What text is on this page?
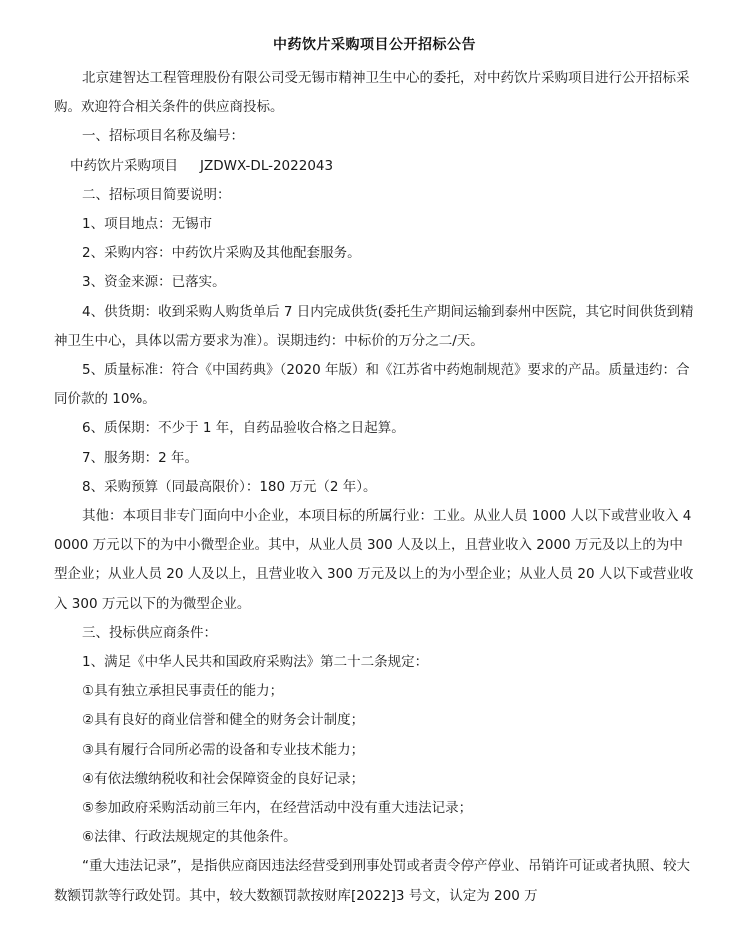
中药饮片采购项目公开招标公告

北京建智达工程管理股份有限公司受无锡市精神卫生中心的委托，对中药饮片采购项目进行公开招标采购。欢迎符合相关条件的供应商投标。

一、招标项目名称及编号：

中药饮片采购项目 JZDWX-DL-2022043

二、招标项目简要说明：

1、项目地点：无锡市

2、采购内容：中药饮片采购及其他配套服务。

3、资金来源：已落实。

4、供货期：收到采购人购货单后 7 日内完成供货(委托生产期间运输到泰州中医院，其它时间供货到精神卫生中心，具体以需方要求为准）。误期违约：中标价的万分之二/天。

5、质量标准：符合《中国药典》（2020 年版）和《江苏省中药炮制规范》要求的产品。质量违约：合同价款的 10%。

6、质保期：不少于 1 年，自药品验收合格之日起算。

7、服务期：2 年。

8、采购预算（同最高限价）：180 万元（2 年）。

其他：本项目非专门面向中小企业，本项目标的所属行业：工业。从业人员 1000 人以下或营业收入 40000 万元以下的为中小微型企业。其中，从业人员 300 人及以上，且营业收入 2000 万元及以上的为中型企业；从业人员 20 人及以上，且营业收入 300 万元及以上的为小型企业；从业人员 20 人以下或营业收入 300 万元以下的为微型企业。

三、投标供应商条件：

1、满足《中华人民共和国政府采购法》第二十二条规定：

①具有独立承担民事责任的能力；

②具有良好的商业信誉和健全的财务会计制度；

③具有履行合同所必需的设备和专业技术能力；

④有依法缴纳税收和社会保障资金的良好记录；

⑤参加政府采购活动前三年内，在经营活动中没有重大违法记录；

⑥法律、行政法规规定的其他条件。

“重大违法记录”，是指供应商因违法经营受到刑事处罚或者责令停产停业、吊销许可证或者执照、较大数额罚款等行政处罚。其中，较大数额罚款按财库[2022]3 号文，认定为 200 万
